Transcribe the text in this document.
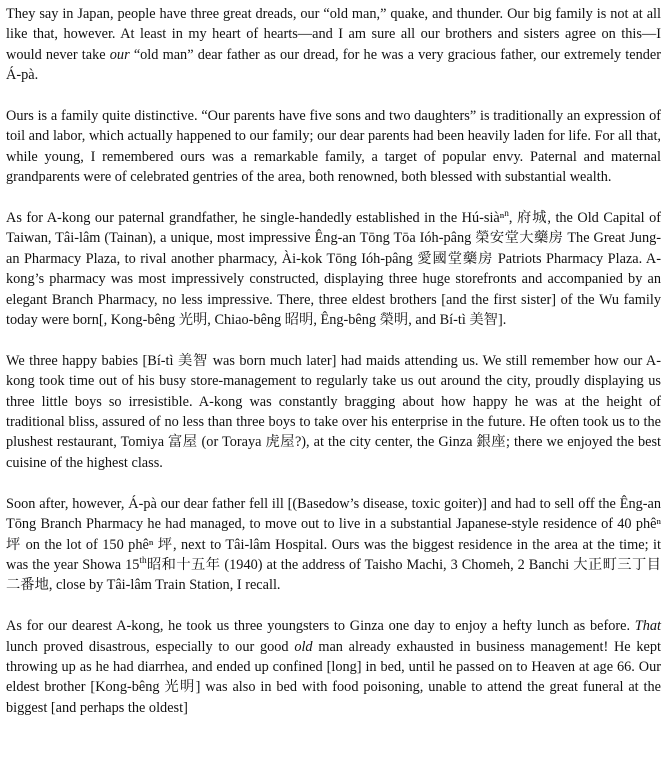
They say in Japan, people have three great dreads, our “old man,” quake, and thunder. Our big family is not at all like that, however. At least in my heart of hearts—and I am sure all our brothers and sisters agree on this—I would never take our “old man” dear father as our dread, for he was a very gracious father, our extremely tender Á-pà.

Ours is a family quite distinctive. “Our parents have five sons and two daughters” is traditionally an expression of toil and labor, which actually happened to our family; our dear parents had been heavily laden for life. For all that, while young, I remembered ours was a remarkable family, a target of popular envy. Paternal and maternal grandparents were of celebrated gentries of the area, both renowned, both blessed with substantial wealth.

As for A-kong our paternal grandfather, he single-handedly established in the Hú-siàⁿ$^n$, 府城, the Old Capital of Taiwan, Tâi-lâm (Tainan), a unique, most impressive Êng-an Tōng Tōa Ióh-pâng 榮安堂大藥房 The Great Jung-an Pharmacy Plaza, to rival another pharmacy, Ài-kok Tōng Ióh-pâng 愛國堂藥房 Patriots Pharmacy Plaza. A-kong’s pharmacy was most impressively constructed, displaying three huge storefronts and accompanied by an elegant Branch Pharmacy, no less impressive. There, three eldest brothers [and the first sister] of the Wu family today were born[, Kong-bêng 光明, Chiao-bêng 昭明, Êng-bêng 榮明, and Bí-tì 美智].

We three happy babies [Bí-tì 美智 was born much later] had maids attending us. We still remember how our A-kong took time out of his busy store-management to regularly take us out around the city, proudly displaying us three little boys so irresistible. A-kong was constantly bragging about how happy he was at the height of traditional bliss, assured of no less than three boys to take over his enterprise in the future. He often took us to the plushest restaurant, Tomiya 富屋 (or Toraya 虎屋?), at the city center, the Ginza 銀座; there we enjoyed the best cuisine of the highest class.

Soon after, however, Á-pà our dear father fell ill [(Basedow’s disease, toxic goiter)] and had to sell off the Êng-an Tōng Branch Pharmacy he had managed, to move out to live in a substantial Japanese-style residence of 40 phêⁿ 坪 on the lot of 150 phêⁿ 坪, next to Tâi-lâm Hospital. Ours was the biggest residence in the area at the time; it was the year Showa 15th昭和十五年 (1940) at the address of Taisho Machi, 3 Chomeh, 2 Banchi 大正町三丁目二番地, close by Tâi-lâm Train Station, I recall.

As for our dearest A-kong, he took us three youngsters to Ginza one day to enjoy a hefty lunch as before. That lunch proved disastrous, especially to our good old man already exhausted in business management! He kept throwing up as he had diarrhea, and ended up confined [long] in bed, until he passed on to Heaven at age 66. Our eldest brother [Kong-bêng 光明] was also in bed with food poisoning, unable to attend the great funeral at the biggest [and perhaps the oldest]
